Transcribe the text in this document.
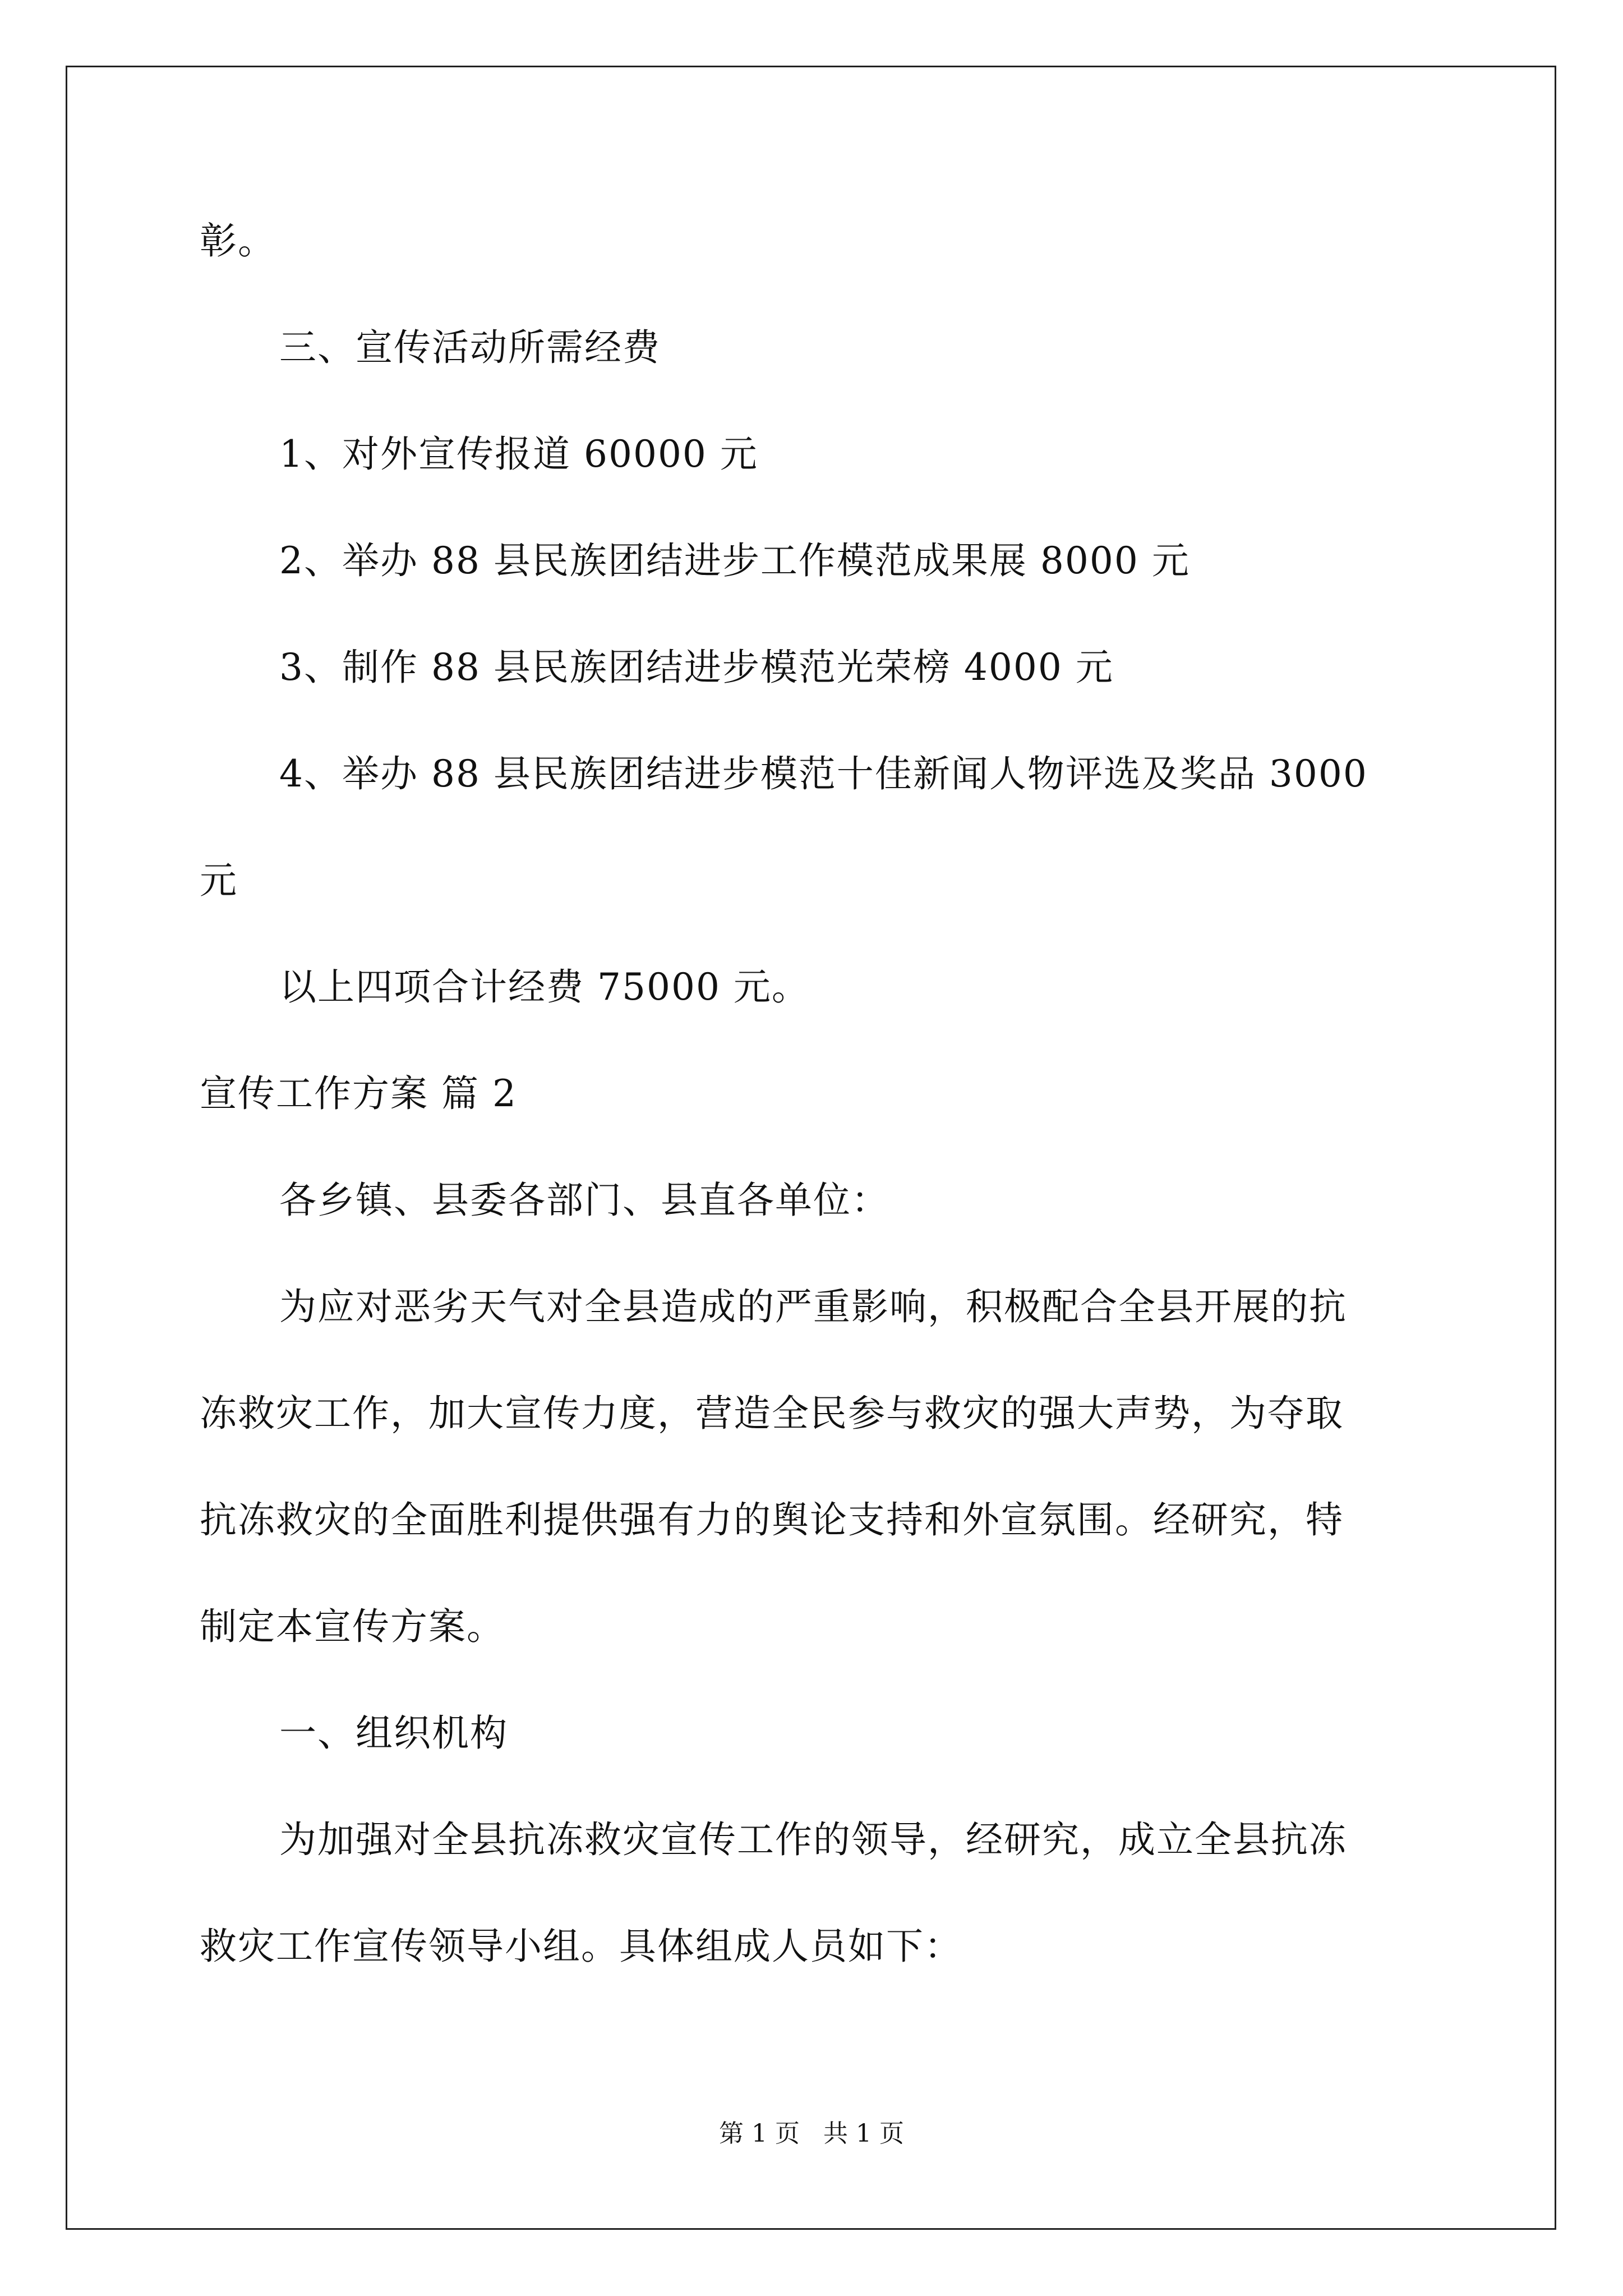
彰。
三、宣传活动所需经费
1、对外宣传报道 60000 元
2、举办 88 县民族团结进步工作模范成果展 8000 元
3、制作 88 县民族团结进步模范光荣榜 4000 元
4、举办 88 县民族团结进步模范十佳新闻人物评选及奖品 3000
元
以上四项合计经费 75000 元。
宣传工作方案 篇 2
各乡镇、县委各部门、县直各单位：
为应对恶劣天气对全县造成的严重影响，积极配合全县开展的抗
冻救灾工作，加大宣传力度，营造全民参与救灾的强大声势，为夺取
抗冻救灾的全面胜利提供强有力的舆论支持和外宣氛围。经研究，特
制定本宣传方案。
一、组织机构
为加强对全县抗冻救灾宣传工作的领导，经研究，成立全县抗冻
救灾工作宣传领导小组。具体组成人员如下：
第 1 页   共 1 页
